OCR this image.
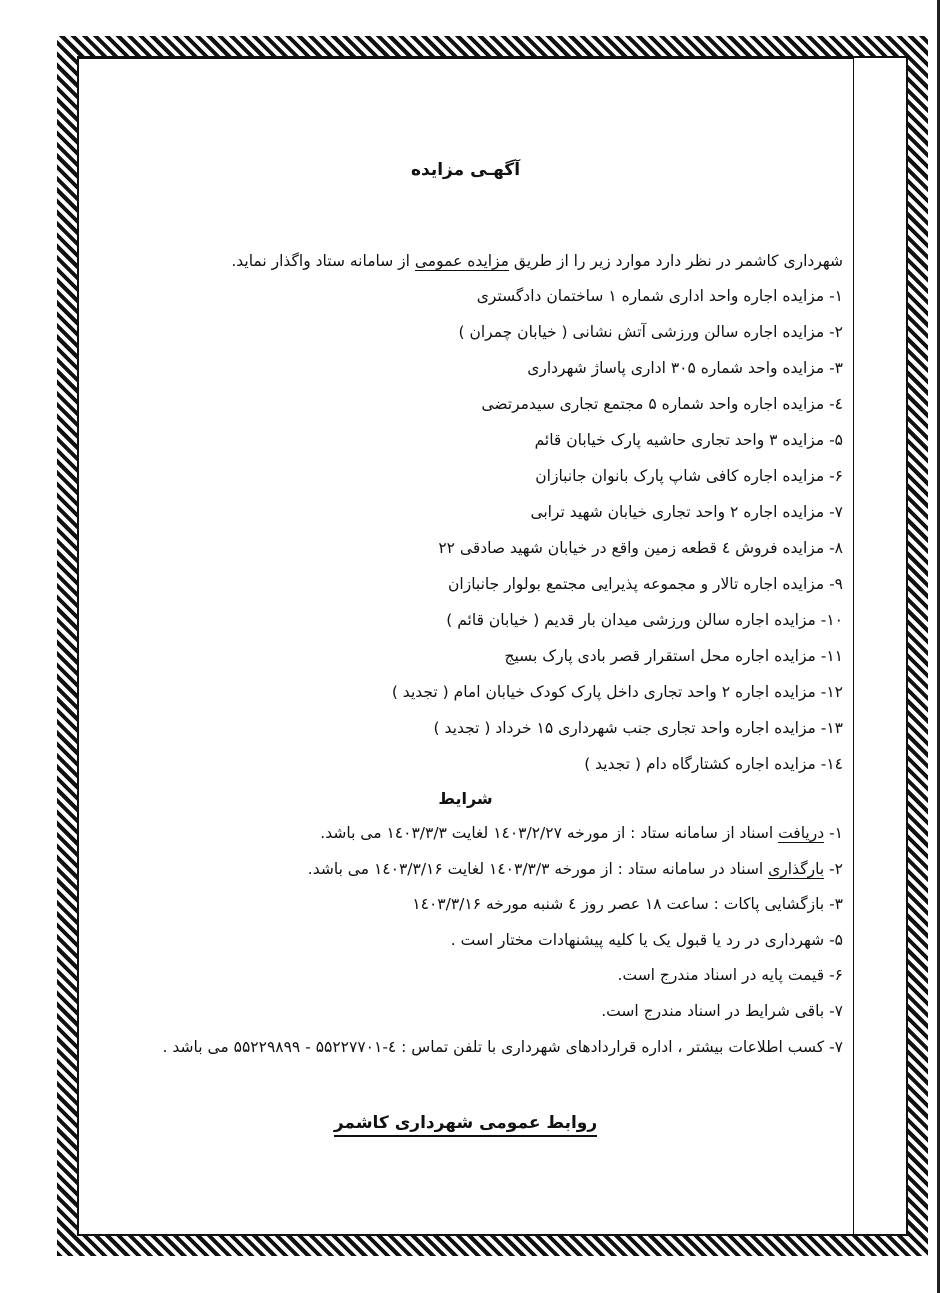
آگهـی مزایده
شهرداری کاشمر در نظر دارد موارد زیر را از طریق مزایده عمومی از سامانه ستاد واگذار نماید.
۱- مزایده اجاره واحد اداری شماره ۱ ساختمان دادگستری
۲- مزایده اجاره سالن ورزشی آتش نشانی ( خیابان چمران )
۳- مزایده واحد شماره ۳۰۵ اداری پاساژ شهرداری
٤- مزایده اجاره واحد شماره ۵ مجتمع تجاری سیدمرتضی
۵- مزایده ۳ واحد تجاری حاشیه پارک خیابان قائم
۶- مزایده اجاره کافی شاپ پارک بانوان جانبازان
۷- مزایده اجاره ۲ واحد تجاری خیابان شهید ترابی
۸- مزایده فروش ٤ قطعه زمین واقع در خیابان شهید صادقی ۲۲
۹- مزایده اجاره تالار و مجموعه پذیرایی مجتمع بولوار جانبازان
۱۰- مزایده اجاره سالن ورزشی میدان بار قدیم ( خیابان قائم )
۱۱- مزایده اجاره محل استقرار قصر بادی پارک بسیج
۱۲- مزایده اجاره ۲ واحد تجاری داخل پارک کودک خیابان امام ( تجدید )
۱۳- مزایده اجاره واحد تجاری جنب شهرداری ۱۵ خرداد ( تجدید )
۱٤- مزایده اجاره کشتارگاه دام ( تجدید )
شرایط
۱- دریافت اسناد از سامانه ستاد : از مورخه ۱٤۰۳/۲/۲۷ لغایت ۱٤۰۳/۳/۳ می باشد.
۲- بارگذاری اسناد در سامانه ستاد : از مورخه ۱٤۰۳/۳/۳ لغایت ۱٤۰۳/۳/۱۶ می باشد.
۳- بازگشایی پاکات : ساعت ۱۸ عصر روز ٤ شنبه مورخه ۱٤۰۳/۳/۱۶
۵- شهرداری در رد یا قبول یک یا کلیه پیشنهادات مختار است .
۶- قیمت پایه در اسناد مندرج است.
۷- باقی شرایط در اسناد مندرج است.
۷- کسب اطلاعات بیشتر ، اداره قراردادهای شهرداری با تلفن تماس : ٤-۵۵۲۲۷۷۰۱ - ۵۵۲۲۹۸۹۹ می باشد .
روابط عمومی شهرداری کاشمر
